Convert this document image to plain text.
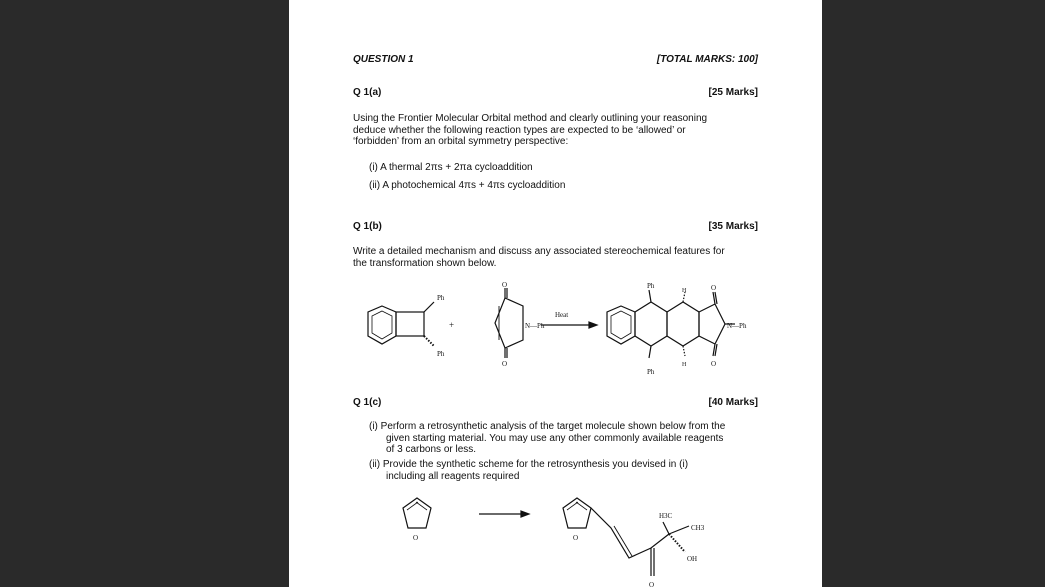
QUESTION 1	[TOTAL MARKS: 100]
Q 1(a)	[25 Marks]
Using the Frontier Molecular Orbital method and clearly outlining your reasoning
deduce whether the following reaction types are expected to be ‘allowed’ or
‘forbidden’ from an orbital symmetry perspective:
(i) A thermal 2πs + 2πa cycloaddition
(ii) A photochemical 4πs + 4πs cycloaddition
Q 1(b)	[35 Marks]
Write a detailed mechanism and discuss any associated stereochemical features for
the transformation shown below.
Ph
Ph
+	N—Ph
O
O
Heat
Ph
Ph
H
H
O
O
N—Ph
Q 1(c)	[40 Marks]
(i) Perform a retrosynthetic analysis of the target molecule shown below from the
given starting material. You may use any other commonly available reagents
of 3 carbons or less.
(ii) Provide the synthetic scheme for the retrosynthesis you devised in (i)
including all reagents required
O	O
O
H3C
CH3
OH
